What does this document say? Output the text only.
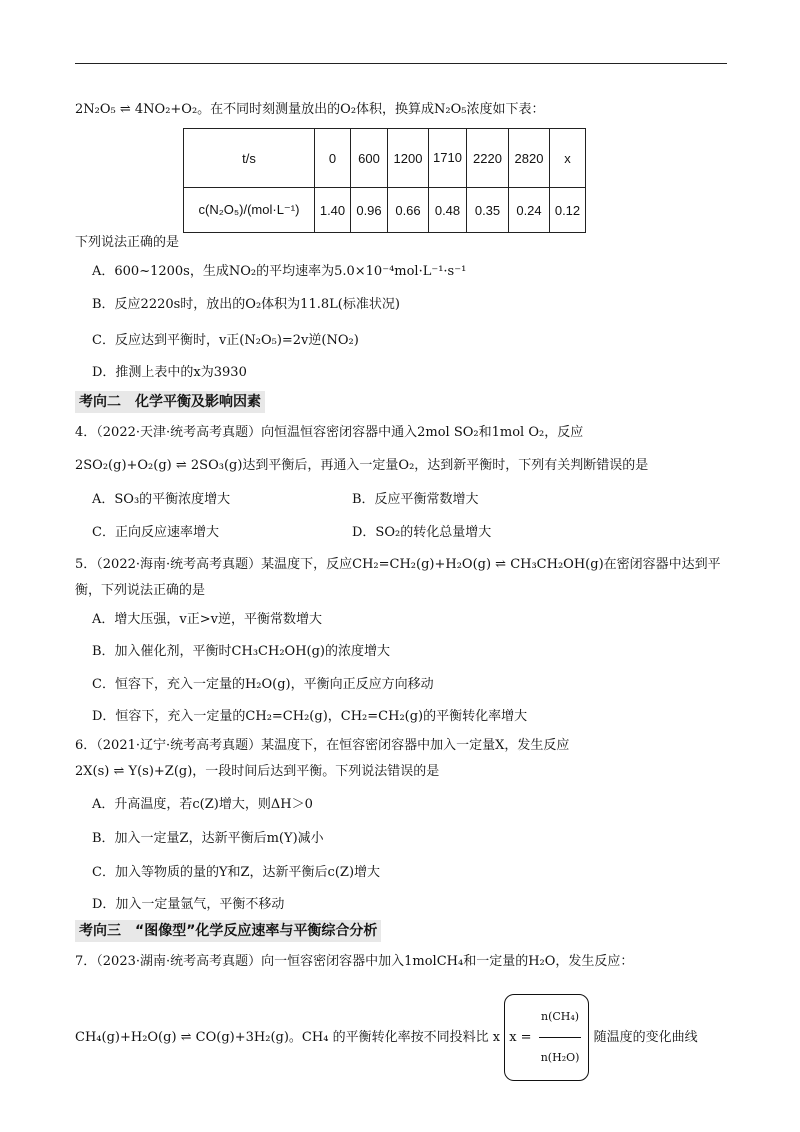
2N₂O₅ ⇌ 4NO₂+O₂。在不同时刻测量放出的O₂体积，换算成N₂O₅浓度如下表：
t/s	0	600	1200	1710	2220	2820	x
c(N₂O₅)/(mol·L⁻¹)	1.40	0.96	0.66	0.48	0.35	0.24	0.12
下列说法正确的是
A．600~1200s，生成NO₂的平均速率为5.0×10⁻⁴mol·L⁻¹·s⁻¹
B．反应2220s时，放出的O₂体积为11.8L(标准状况)
C．反应达到平衡时，v正(N₂O₅)=2v逆(NO₂)
D．推测上表中的x为3930
考向二　化学平衡及影响因素
4．（2022·天津·统考高考真题）向恒温恒容密闭容器中通入2mol SO₂和1mol O₂，反应
2SO₂(g)+O₂(g) ⇌ 2SO₃(g)达到平衡后，再通入一定量O₂，达到新平衡时，下列有关判断错误的是
A．SO₃的平衡浓度增大	B．反应平衡常数增大
C．正向反应速率增大	D．SO₂的转化总量增大
5．（2022·海南·统考高考真题）某温度下，反应CH₂=CH₂(g)+H₂O(g) ⇌ CH₃CH₂OH(g)在密闭容器中达到平
衡，下列说法正确的是
A．增大压强，v正>v逆，平衡常数增大
B．加入催化剂，平衡时CH₃CH₂OH(g)的浓度增大
C．恒容下，充入一定量的H₂O(g)，平衡向正反应方向移动
D．恒容下，充入一定量的CH₂=CH₂(g)，CH₂=CH₂(g)的平衡转化率增大
6．（2021·辽宁·统考高考真题）某温度下，在恒容密闭容器中加入一定量X，发生反应
2X(s) ⇌ Y(s)+Z(g)，一段时间后达到平衡。下列说法错误的是
A．升高温度，若c(Z)增大，则ΔH＞0
B．加入一定量Z，达新平衡后m(Y)减小
C．加入等物质的量的Y和Z，达新平衡后c(Z)增大
D．加入一定量氩气，平衡不移动
考向三　“图像型”化学反应速率与平衡综合分析
7．（2023·湖南·统考高考真题）向一恒容密闭容器中加入1molCH₄和一定量的H₂O，发生反应：
CH₄(g)+H₂O(g) ⇌ CO(g)+3H₂(g)。CH₄ 的平衡转化率按不同投料比 x $x = \frac{\text{n(CH₄)}}{\text{n(H₂O)}}$ 随温度的变化曲线
